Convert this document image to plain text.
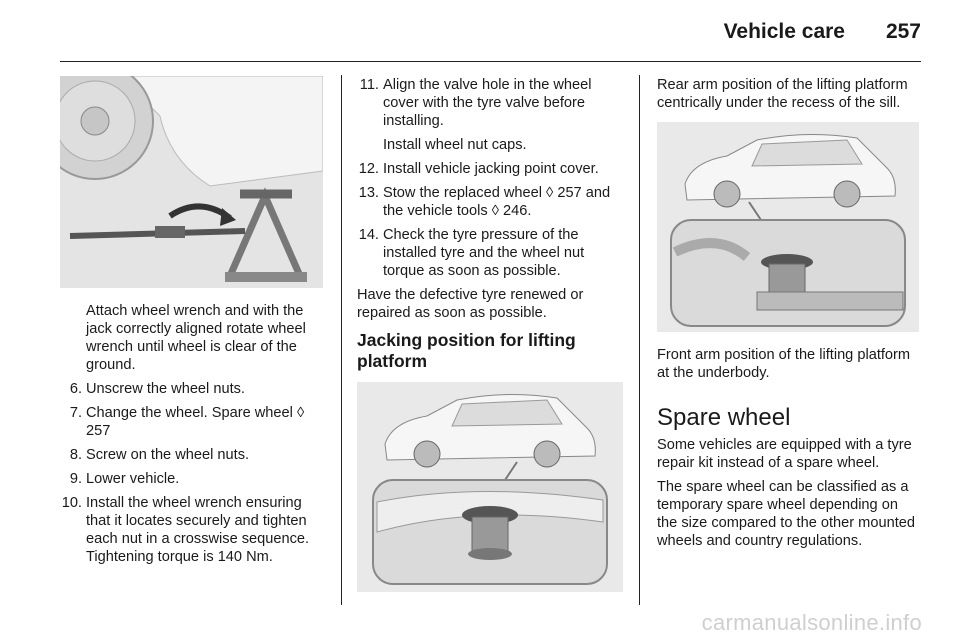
Vehicle care 257

Attach wheel wrench and with the jack correctly aligned rotate wheel wrench until wheel is clear of the ground.

6. Unscrew the wheel nuts.
7. Change the wheel. Spare wheel ◊ 257
8. Screw on the wheel nuts.
9. Lower vehicle.
10. Install the wheel wrench ensuring that it locates securely and tighten each nut in a crosswise sequence. Tightening torque is 140 Nm.
11. Align the valve hole in the wheel cover with the tyre valve before installing.

Install wheel nut caps.

12. Install vehicle jacking point cover.
13. Stow the replaced wheel ◊ 257 and the vehicle tools ◊ 246.
14. Check the tyre pressure of the installed tyre and the wheel nut torque as soon as possible.

Have the defective tyre renewed or repaired as soon as possible.

Jacking position for lifting platform

Rear arm position of the lifting platform centrically under the recess of the sill.

Front arm position of the lifting platform at the underbody.

Spare wheel

Some vehicles are equipped with a tyre repair kit instead of a spare wheel.

The spare wheel can be classified as a temporary spare wheel depending on the size compared to the other mounted wheels and country regulations.

carmanualsonline.info
